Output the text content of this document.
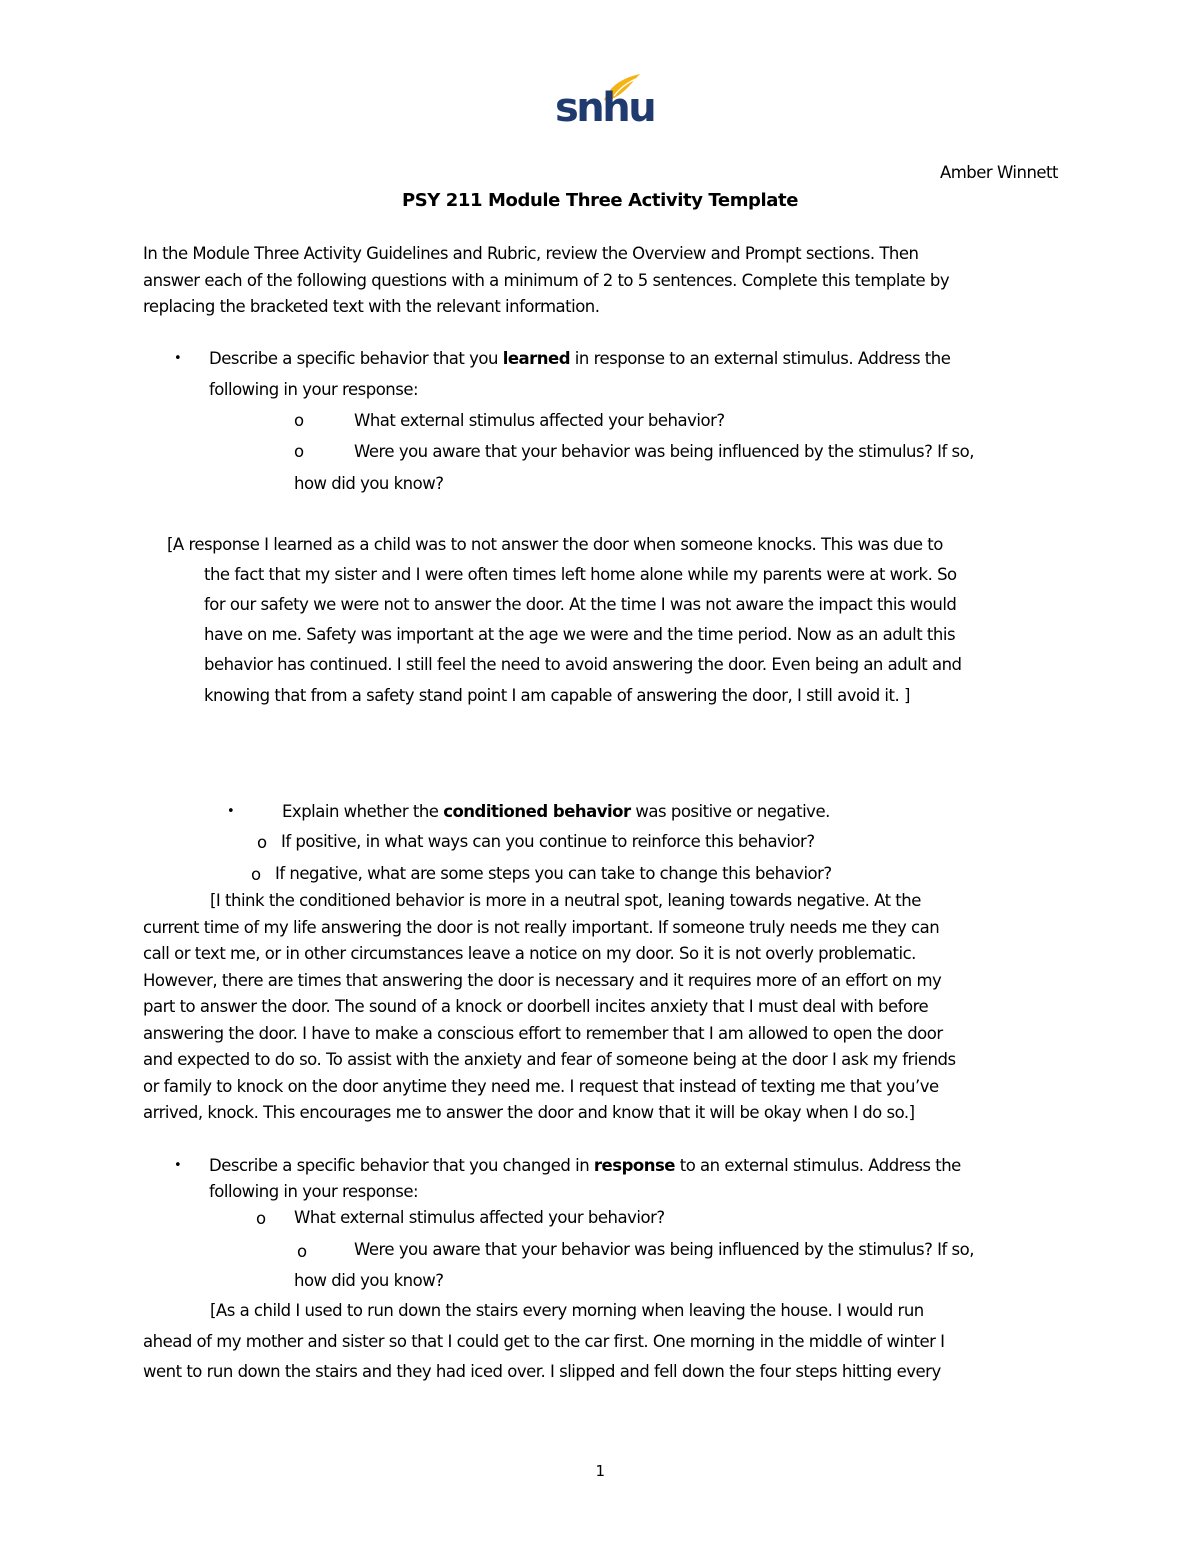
snhu
Amber Winnett
PSY 211 Module Three Activity Template
In the Module Three Activity Guidelines and Rubric, review the Overview and Prompt sections. Then
answer each of the following questions with a minimum of 2 to 5 sentences. Complete this template by
replacing the bracketed text with the relevant information.
• Describe a specific behavior that you learned in response to an external stimulus. Address the
following in your response:
o	What external stimulus affected your behavior?
o	Were you aware that your behavior was being influenced by the stimulus? If so,
how did you know?
[A response I learned as a child was to not answer the door when someone knocks. This was due to
the fact that my sister and I were often times left home alone while my parents were at work. So
for our safety we were not to answer the door. At the time I was not aware the impact this would
have on me. Safety was important at the age we were and the time period. Now as an adult this
behavior has continued. I still feel the need to avoid answering the door. Even being an adult and
knowing that from a safety stand point I am capable of answering the door, I still avoid it. ]
•	Explain whether the conditioned behavior was positive or negative.
o If positive, in what ways can you continue to reinforce this behavior?
o If negative, what are some steps you can take to change this behavior?
[I think the conditioned behavior is more in a neutral spot, leaning towards negative. At the
current time of my life answering the door is not really important. If someone truly needs me they can
call or text me, or in other circumstances leave a notice on my door. So it is not overly problematic.
However, there are times that answering the door is necessary and it requires more of an effort on my
part to answer the door. The sound of a knock or doorbell incites anxiety that I must deal with before
answering the door. I have to make a conscious effort to remember that I am allowed to open the door
and expected to do so. To assist with the anxiety and fear of someone being at the door I ask my friends
or family to knock on the door anytime they need me. I request that instead of texting me that you’ve
arrived, knock. This encourages me to answer the door and know that it will be okay when I do so.]
• Describe a specific behavior that you changed in response to an external stimulus. Address the
following in your response:
o What external stimulus affected your behavior?
o	Were you aware that your behavior was being influenced by the stimulus? If so,
how did you know?
[As a child I used to run down the stairs every morning when leaving the house. I would run
ahead of my mother and sister so that I could get to the car first. One morning in the middle of winter I
went to run down the stairs and they had iced over. I slipped and fell down the four steps hitting every
1
